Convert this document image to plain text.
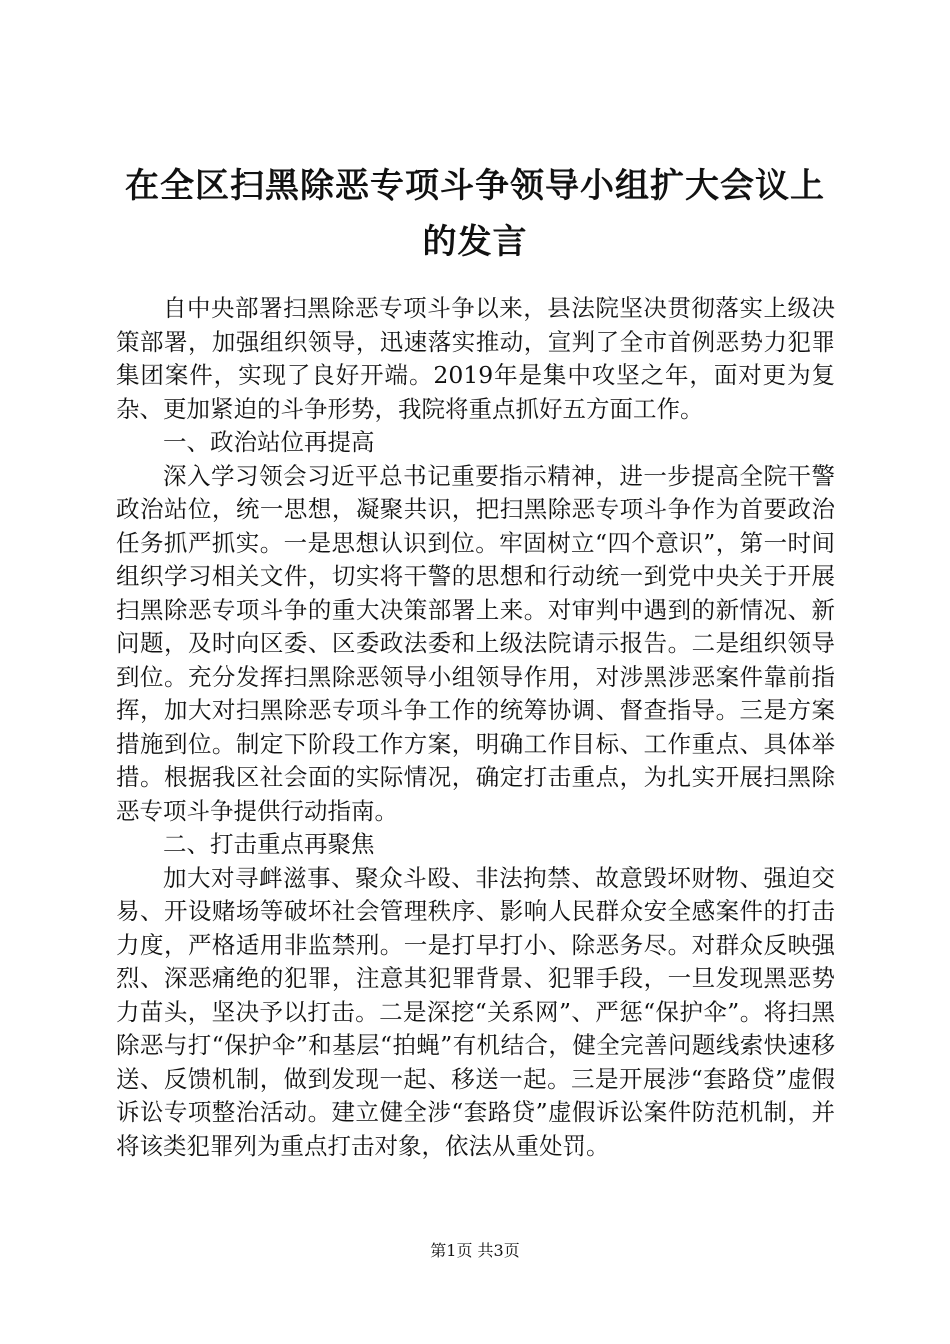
在全区扫黑除恶专项斗争领导小组扩大会议上
的发言

自中央部署扫黑除恶专项斗争以来，县法院坚决贯彻落实上级决策部署，加强组织领导，迅速落实推动，宣判了全市首例恶势力犯罪集团案件，实现了良好开端。2019年是集中攻坚之年，面对更为复杂、更加紧迫的斗争形势，我院将重点抓好五方面工作。

一、政治站位再提高

深入学习领会习近平总书记重要指示精神，进一步提高全院干警政治站位，统一思想，凝聚共识，把扫黑除恶专项斗争作为首要政治任务抓严抓实。一是思想认识到位。牢固树立“四个意识”，第一时间组织学习相关文件，切实将干警的思想和行动统一到党中央关于开展扫黑除恶专项斗争的重大决策部署上来。对审判中遇到的新情况、新问题，及时向区委、区委政法委和上级法院请示报告。二是组织领导到位。充分发挥扫黑除恶领导小组领导作用，对涉黑涉恶案件靠前指挥，加大对扫黑除恶专项斗争工作的统筹协调、督查指导。三是方案措施到位。制定下阶段工作方案，明确工作目标、工作重点、具体举措。根据我区社会面的实际情况，确定打击重点，为扎实开展扫黑除恶专项斗争提供行动指南。

二、打击重点再聚焦

加大对寻衅滋事、聚众斗殴、非法拘禁、故意毁坏财物、强迫交易、开设赌场等破坏社会管理秩序、影响人民群众安全感案件的打击力度，严格适用非监禁刑。一是打早打小、除恶务尽。对群众反映强烈、深恶痛绝的犯罪，注意其犯罪背景、犯罪手段，一旦发现黑恶势力苗头，坚决予以打击。二是深挖“关系网”、严惩“保护伞”。将扫黑除恶与打“保护伞”和基层“拍蝇”有机结合，健全完善问题线索快速移送、反馈机制，做到发现一起、移送一起。三是开展涉“套路贷”虚假诉讼专项整治活动。建立健全涉“套路贷”虚假诉讼案件防范机制，并将该类犯罪列为重点打击对象，依法从重处罚。

第1页 共3页
